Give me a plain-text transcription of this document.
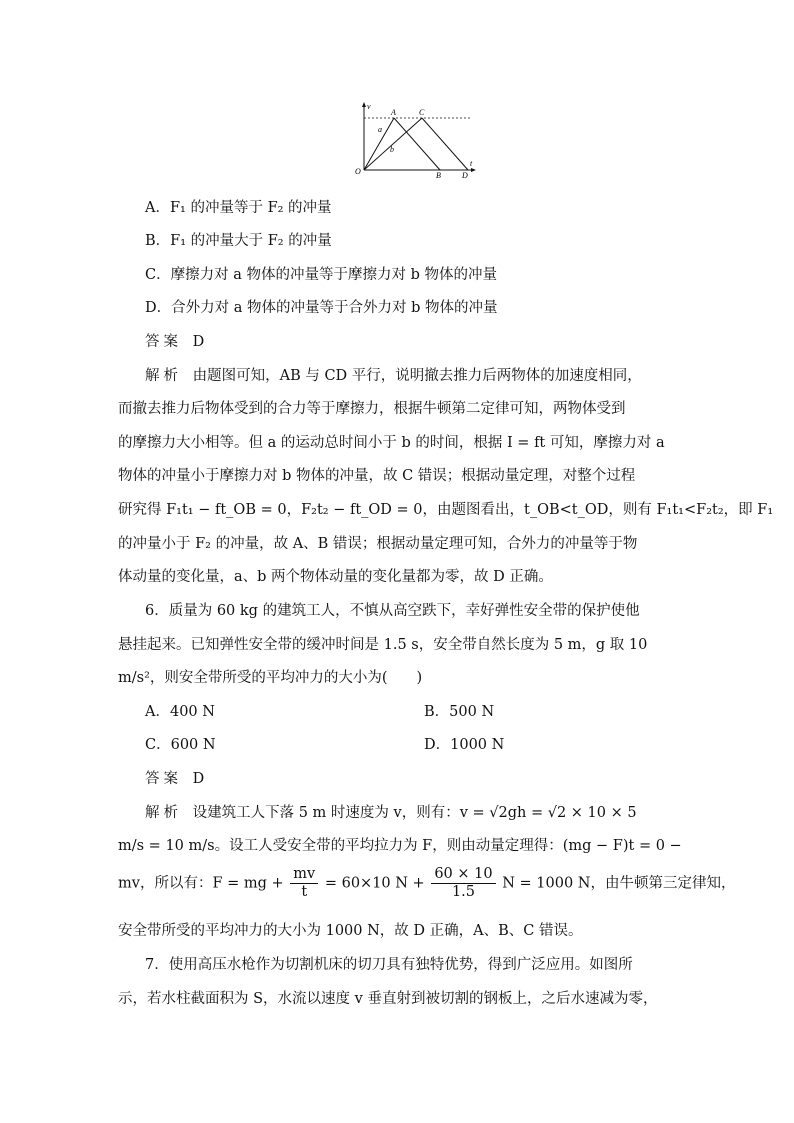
v
t
O
A	C
a
b
B	D
A．F₁ 的冲量等于 F₂ 的冲量
B．F₁ 的冲量大于 F₂ 的冲量
C．摩擦力对 a 物体的冲量等于摩擦力对 b 物体的冲量
D．合外力对 a 物体的冲量等于合外力对 b 物体的冲量
答案 D
解析 由题图可知，AB 与 CD 平行，说明撤去推力后两物体的加速度相同，
而撤去推力后物体受到的合力等于摩擦力，根据牛顿第二定律可知，两物体受到
的摩擦力大小相等。但 a 的运动总时间小于 b 的时间，根据 I = ft 可知，摩擦力对 a
物体的冲量小于摩擦力对 b 物体的冲量，故 C 错误；根据动量定理，对整个过程
研究得 F₁t₁ − ft_OB = 0，F₂t₂ − ft_OD = 0，由题图看出，t_OB<t_OD，则有 F₁t₁<F₂t₂，即 F₁
的冲量小于 F₂ 的冲量，故 A、B 错误；根据动量定理可知，合外力的冲量等于物
体动量的变化量，a、b 两个物体动量的变化量都为零，故 D 正确。
6．质量为 60 kg 的建筑工人，不慎从高空跌下，幸好弹性安全带的保护使他
悬挂起来。已知弹性安全带的缓冲时间是 1.5 s，安全带自然长度为 5 m，g 取 10
m/s²，则安全带所受的平均冲力的大小为(　　)
A．400 N	B．500 N
C．600 N	D．1000 N
答案 D
解析 设建筑工人下落 5 m 时速度为 v，则有：v = √2gh = √2 × 10 × 5
m/s = 10 m/s。设工人受安全带的平均拉力为 F，则由动量定理得：(mg − F)t = 0 −
mv，所以有：F = mg + $\frac{mv}{t} = 60\times 10$ $N + \frac{60 \times 10}{1.5}$ N = 1000 N，由牛顿第三定律知，
安全带所受的平均冲力的大小为 1000 N，故 D 正确，A、B、C 错误。
7．使用高压水枪作为切割机床的切刀具有独特优势，得到广泛应用。如图所
示，若水柱截面积为 S，水流以速度 v 垂直射到被切割的钢板上，之后水速减为零，
